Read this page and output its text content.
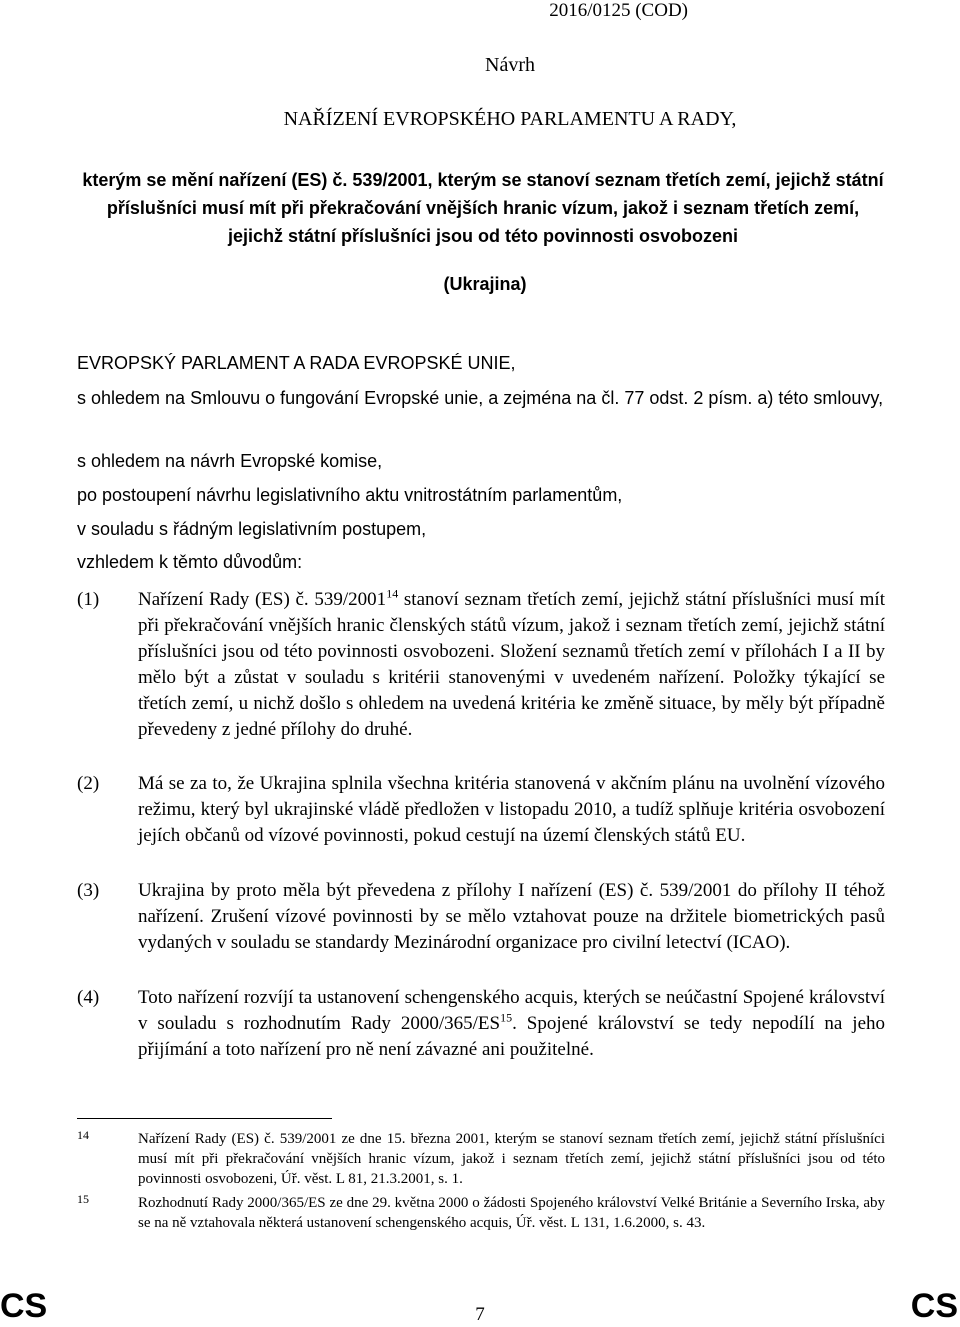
2016/0125 (COD)
Návrh
NAŘÍZENÍ EVROPSKÉHO PARLAMENTU A RADY,
kterým se mění nařízení (ES) č. 539/2001, kterým se stanoví seznam třetích zemí, jejichž státní příslušníci musí mít při překračování vnějších hranic vízum, jakož i seznam třetích zemí, jejichž státní příslušníci jsou od této povinnosti osvobozeni
(Ukrajina)
EVROPSKÝ PARLAMENT A RADA EVROPSKÉ UNIE,
s ohledem na Smlouvu o fungování Evropské unie, a zejména na čl. 77 odst. 2 písm. a) této smlouvy,
s ohledem na návrh Evropské komise,
po postoupení návrhu legislativního aktu vnitrostátním parlamentům,
v souladu s řádným legislativním postupem,
vzhledem k těmto důvodům:
(1) Nařízení Rady (ES) č. 539/2001$^{14}$ stanoví seznam třetích zemí, jejichž státní příslušníci musí mít při překračování vnějších hranic členských států vízum, jakož i seznam třetích zemí, jejichž státní příslušníci jsou od této povinnosti osvobozeni. Složení seznamů třetích zemí v přílohách I a II by mělo být a zůstat v souladu s kritérii stanovenými v uvedeném nařízení. Položky týkající se třetích zemí, u nichž došlo s ohledem na uvedená kritéria ke změně situace, by měly být případně převedeny z jedné přílohy do druhé.
(2) Má se za to, že Ukrajina splnila všechna kritéria stanovená v akčním plánu na uvolnění vízového režimu, který byl ukrajinské vládě předložen v listopadu 2010, a tudíž splňuje kritéria osvobození jejích občanů od vízové povinnosti, pokud cestují na území členských států EU.
(3) Ukrajina by proto měla být převedena z přílohy I nařízení (ES) č. 539/2001 do přílohy II téhož nařízení. Zrušení vízové povinnosti by se mělo vztahovat pouze na držitele biometrických pasů vydaných v souladu se standardy Mezinárodní organizace pro civilní letectví (ICAO).
(4) Toto nařízení rozvíjí ta ustanovení schengenského acquis, kterých se neúčastní Spojené království v souladu s rozhodnutím Rady 2000/365/ES$^{15}$. Spojené království se tedy nepodílí na jeho přijímání a toto nařízení pro ně není závazné ani použitelné.
14	Nařízení Rady (ES) č. 539/2001 ze dne 15. března 2001, kterým se stanoví seznam třetích zemí, jejichž státní příslušníci musí mít při překračování vnějších hranic vízum, jakož i seznam třetích zemí, jejichž státní příslušníci jsou od této povinnosti osvobozeni, Úř. věst. L 81, 21.3.2001, s. 1.
15	Rozhodnutí Rady 2000/365/ES ze dne 29. května 2000 o žádosti Spojeného království Velké Británie a Severního Irska, aby se na ně vztahovala některá ustanovení schengenského acquis, Úř. věst. L 131, 1.6.2000, s. 43.
CS	7	CS
